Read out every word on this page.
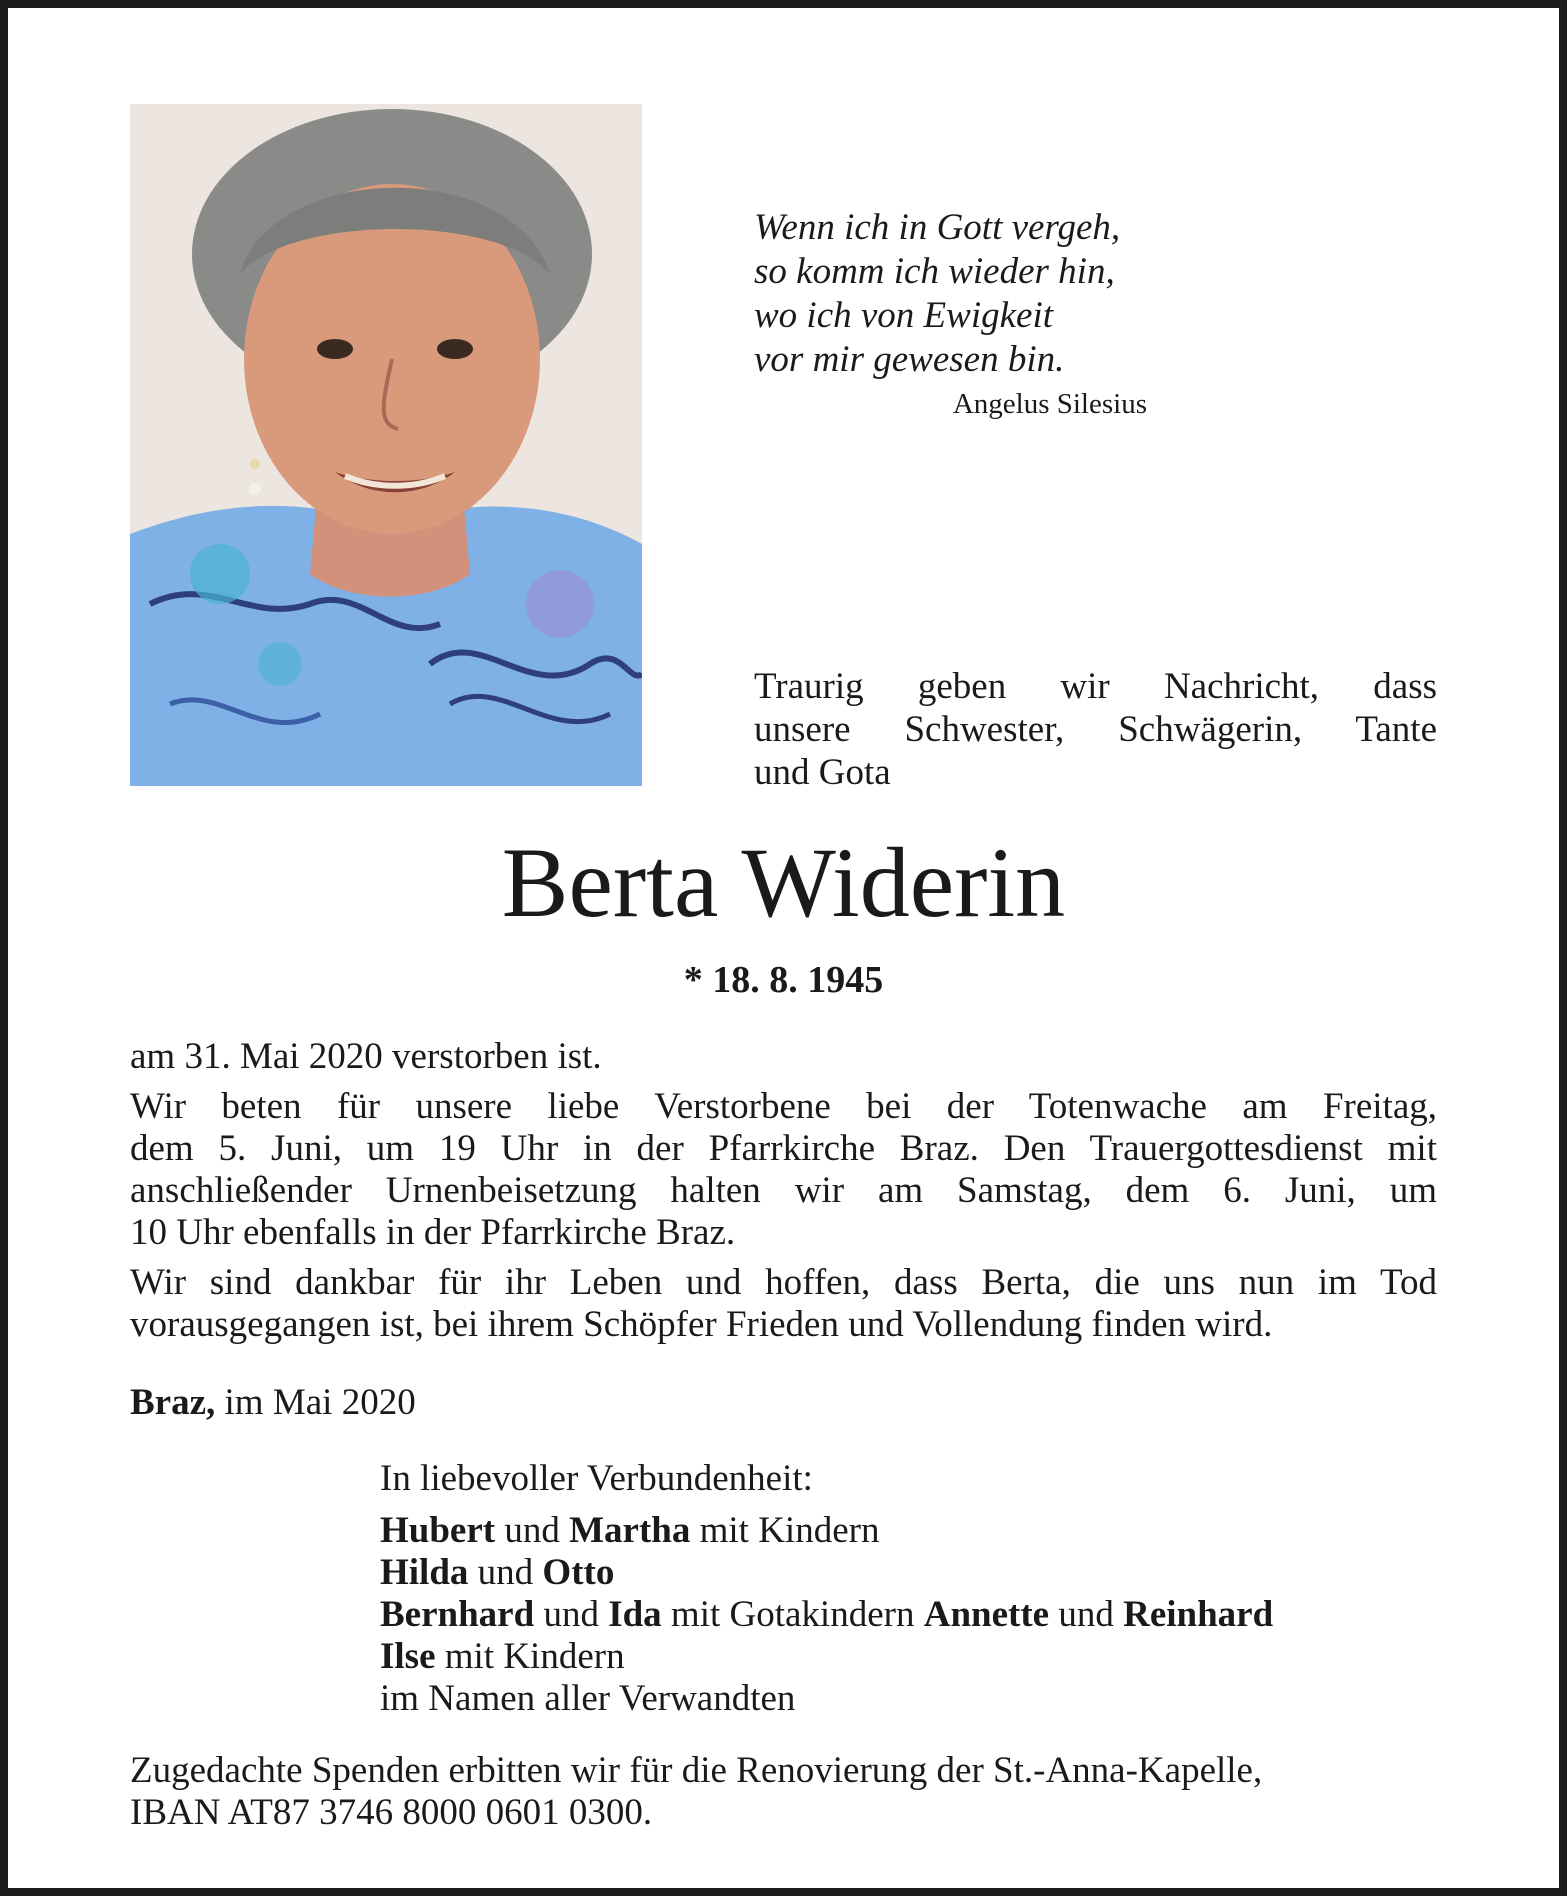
Wenn ich in Gott vergeh,
so komm ich wieder hin,
wo ich von Ewigkeit
vor mir gewesen bin.
Angelus Silesius
Traurig geben wir Nachricht, dass
unsere Schwester, Schwägerin, Tante
und Gota
Berta Widerin
* 18. 8. 1945
am 31. Mai 2020 verstorben ist.
Wir beten für unsere liebe Verstorbene bei der Totenwache am Freitag,
dem 5. Juni, um 19 Uhr in der Pfarrkirche Braz. Den Trauergottesdienst mit
anschließender Urnenbeisetzung halten wir am Samstag, dem 6. Juni, um
10 Uhr ebenfalls in der Pfarrkirche Braz.
Wir sind dankbar für ihr Leben und hoffen, dass Berta, die uns nun im Tod
vorausgegangen ist, bei ihrem Schöpfer Frieden und Vollendung finden wird.
Braz, im Mai 2020
In liebevoller Verbundenheit:
Hubert und Martha mit Kindern
Hilda und Otto
Bernhard und Ida mit Gotakindern Annette und Reinhard
Ilse mit Kindern
im Namen aller Verwandten
Zugedachte Spenden erbitten wir für die Renovierung der St.-Anna-Kapelle,
IBAN AT87 3746 8000 0601 0300.
